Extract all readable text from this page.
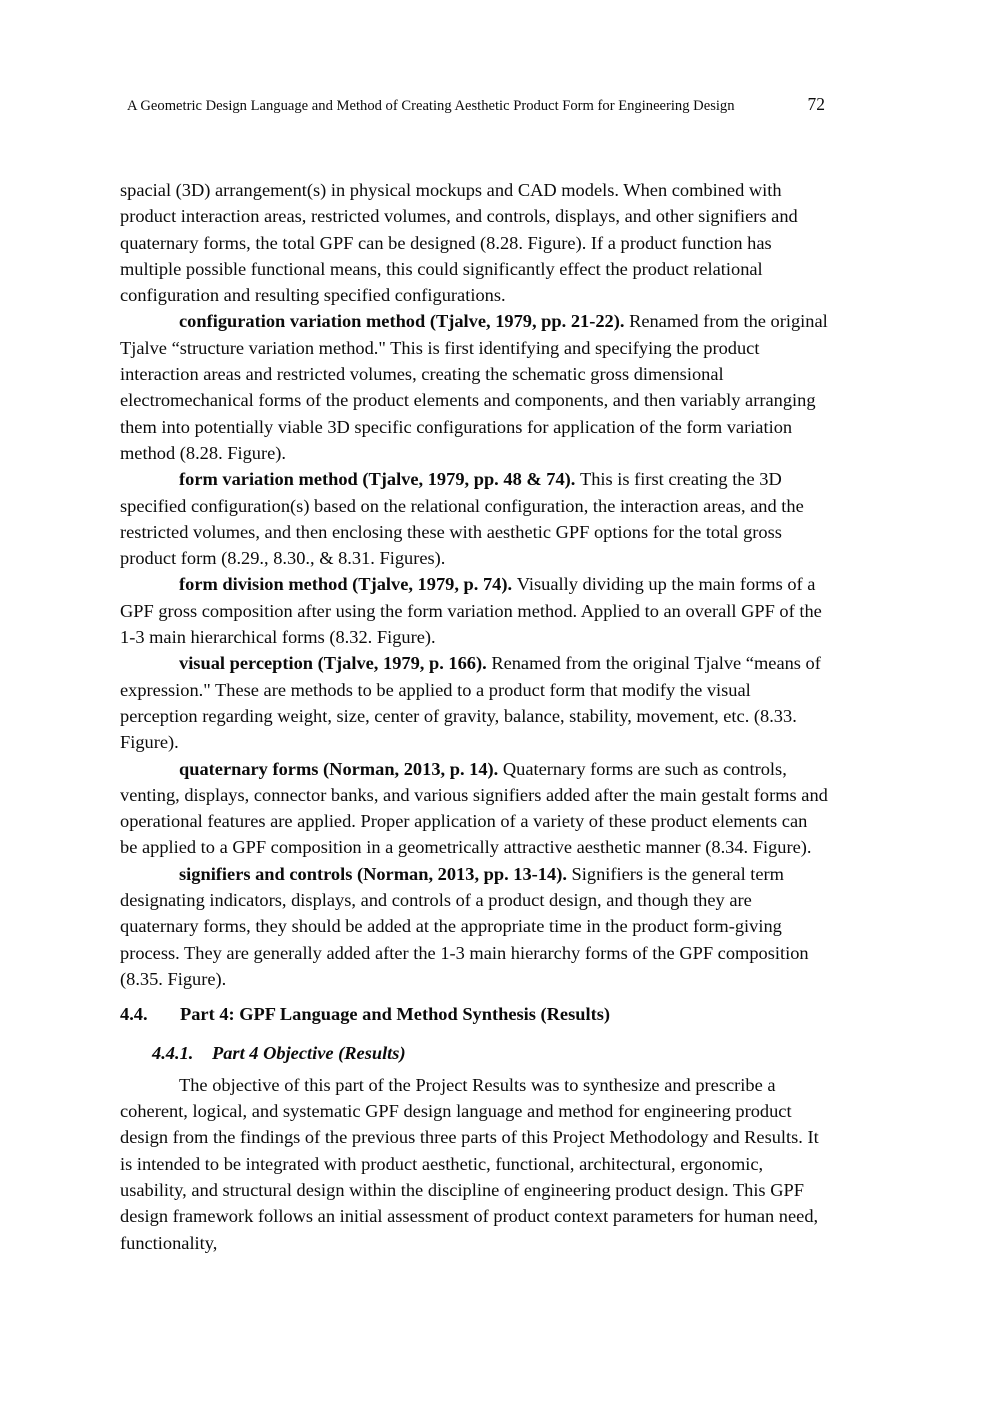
A Geometric Design Language and Method of Creating Aesthetic Product Form for Engineering Design	72

spacial (3D) arrangement(s) in physical mockups and CAD models. When combined with product interaction areas, restricted volumes, and controls, displays, and other signifiers and quaternary forms, the total GPF can be designed (8.28. Figure). If a product function has multiple possible functional means, this could significantly effect the product relational configuration and resulting specified configurations.

configuration variation method (Tjalve, 1979, pp. 21-22). Renamed from the original Tjalve “structure variation method." This is first identifying and specifying the product interaction areas and restricted volumes, creating the schematic gross dimensional electromechanical forms of the product elements and components, and then variably arranging them into potentially viable 3D specific configurations for application of the form variation method (8.28. Figure).

form variation method (Tjalve, 1979, pp. 48 & 74). This is first creating the 3D specified configuration(s) based on the relational configuration, the interaction areas, and the restricted volumes, and then enclosing these with aesthetic GPF options for the total gross product form (8.29., 8.30., & 8.31. Figures).

form division method (Tjalve, 1979, p. 74). Visually dividing up the main forms of a GPF gross composition after using the form variation method. Applied to an overall GPF of the 1-3 main hierarchical forms (8.32. Figure).

visual perception (Tjalve, 1979, p. 166). Renamed from the original Tjalve “means of expression." These are methods to be applied to a product form that modify the visual perception regarding weight, size, center of gravity, balance, stability, movement, etc. (8.33. Figure).

quaternary forms (Norman, 2013, p. 14). Quaternary forms are such as controls, venting, displays, connector banks, and various signifiers added after the main gestalt forms and operational features are applied. Proper application of a variety of these product elements can be applied to a GPF composition in a geometrically attractive aesthetic manner (8.34. Figure).

signifiers and controls (Norman, 2013, pp. 13-14). Signifiers is the general term designating indicators, displays, and controls of a product design, and though they are quaternary forms, they should be added at the appropriate time in the product form-giving process. They are generally added after the 1-3 main hierarchy forms of the GPF composition (8.35. Figure).

4.4. Part 4: GPF Language and Method Synthesis (Results)
4.4.1. Part 4 Objective (Results)

The objective of this part of the Project Results was to synthesize and prescribe a coherent, logical, and systematic GPF design language and method for engineering product design from the findings of the previous three parts of this Project Methodology and Results. It is intended to be integrated with product aesthetic, functional, architectural, ergonomic, usability, and structural design within the discipline of engineering product design. This GPF design framework follows an initial assessment of product context parameters for human need, functionality,
